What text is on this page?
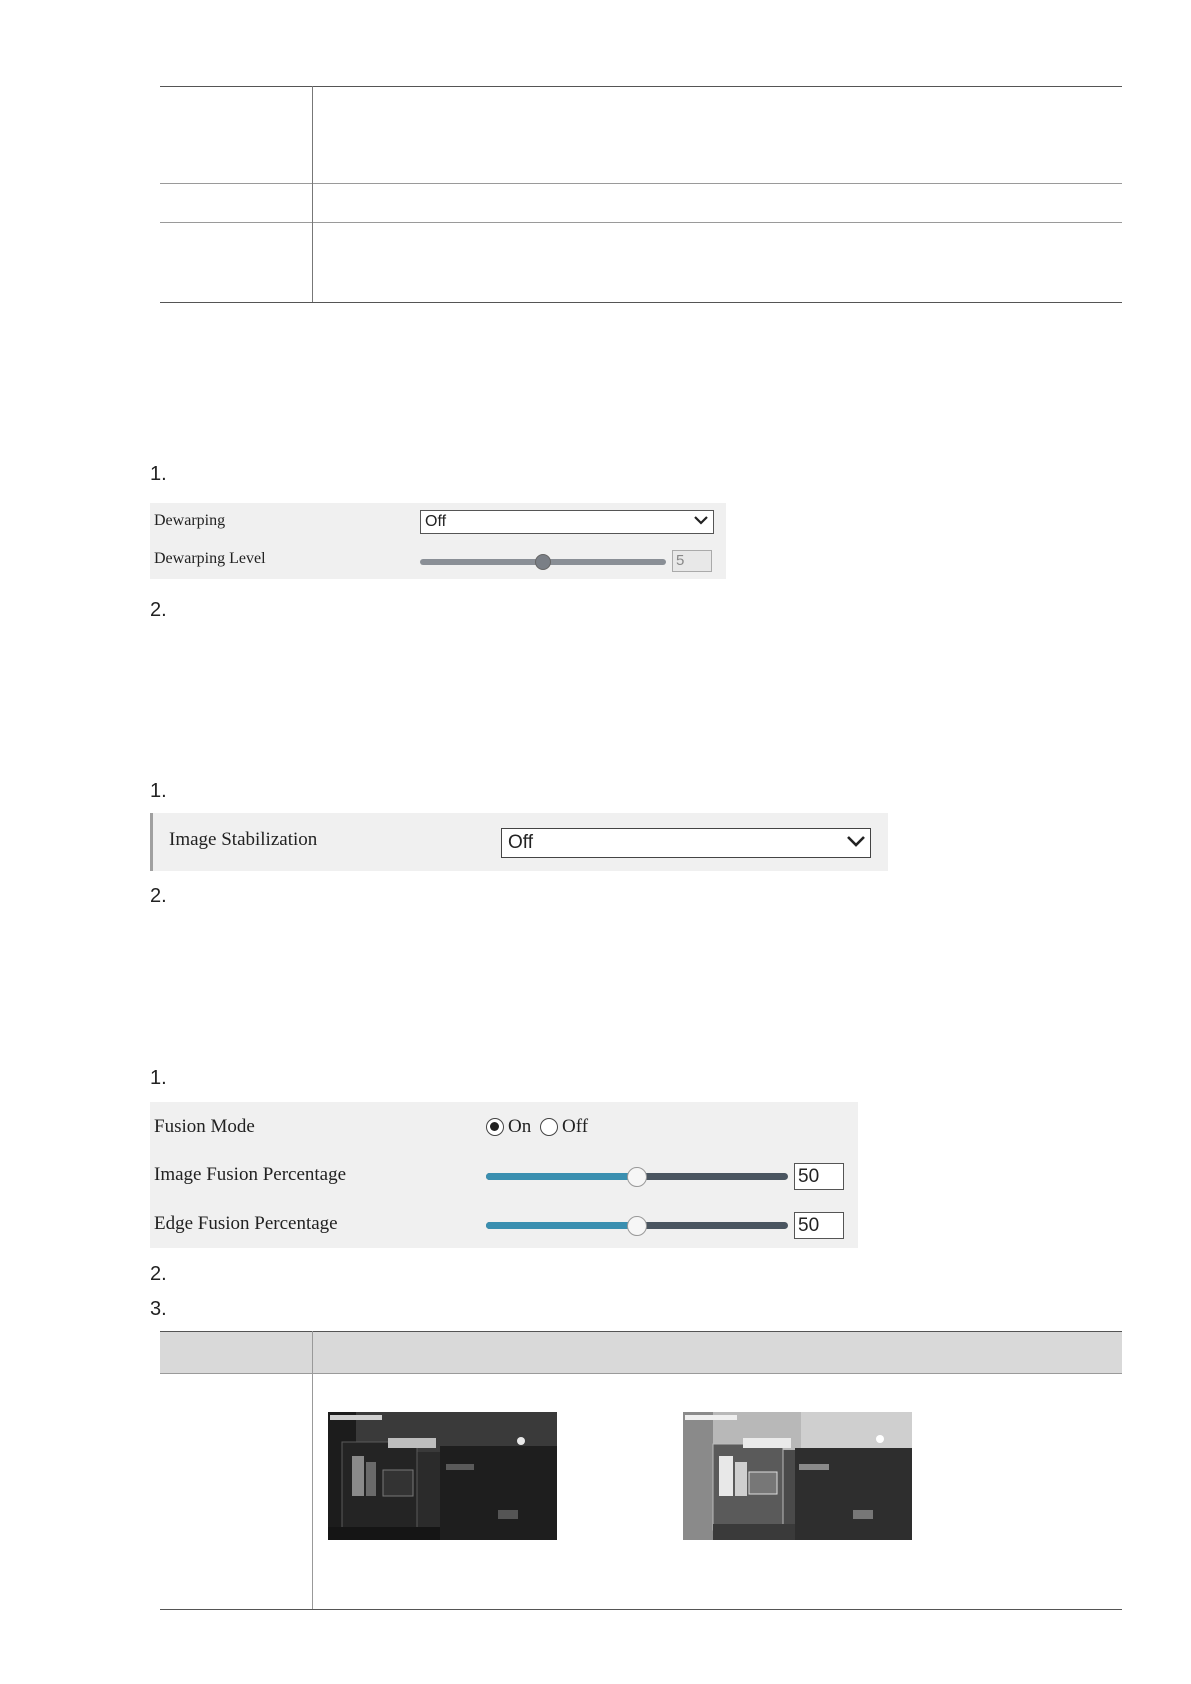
1.
Dewarping	Off
Dewarping Level	5
2.
1.
Image Stabilization	Off
2.
1.
Fusion Mode	On Off
Image Fusion Percentage	50
Edge Fusion Percentage	50
2.
3.
